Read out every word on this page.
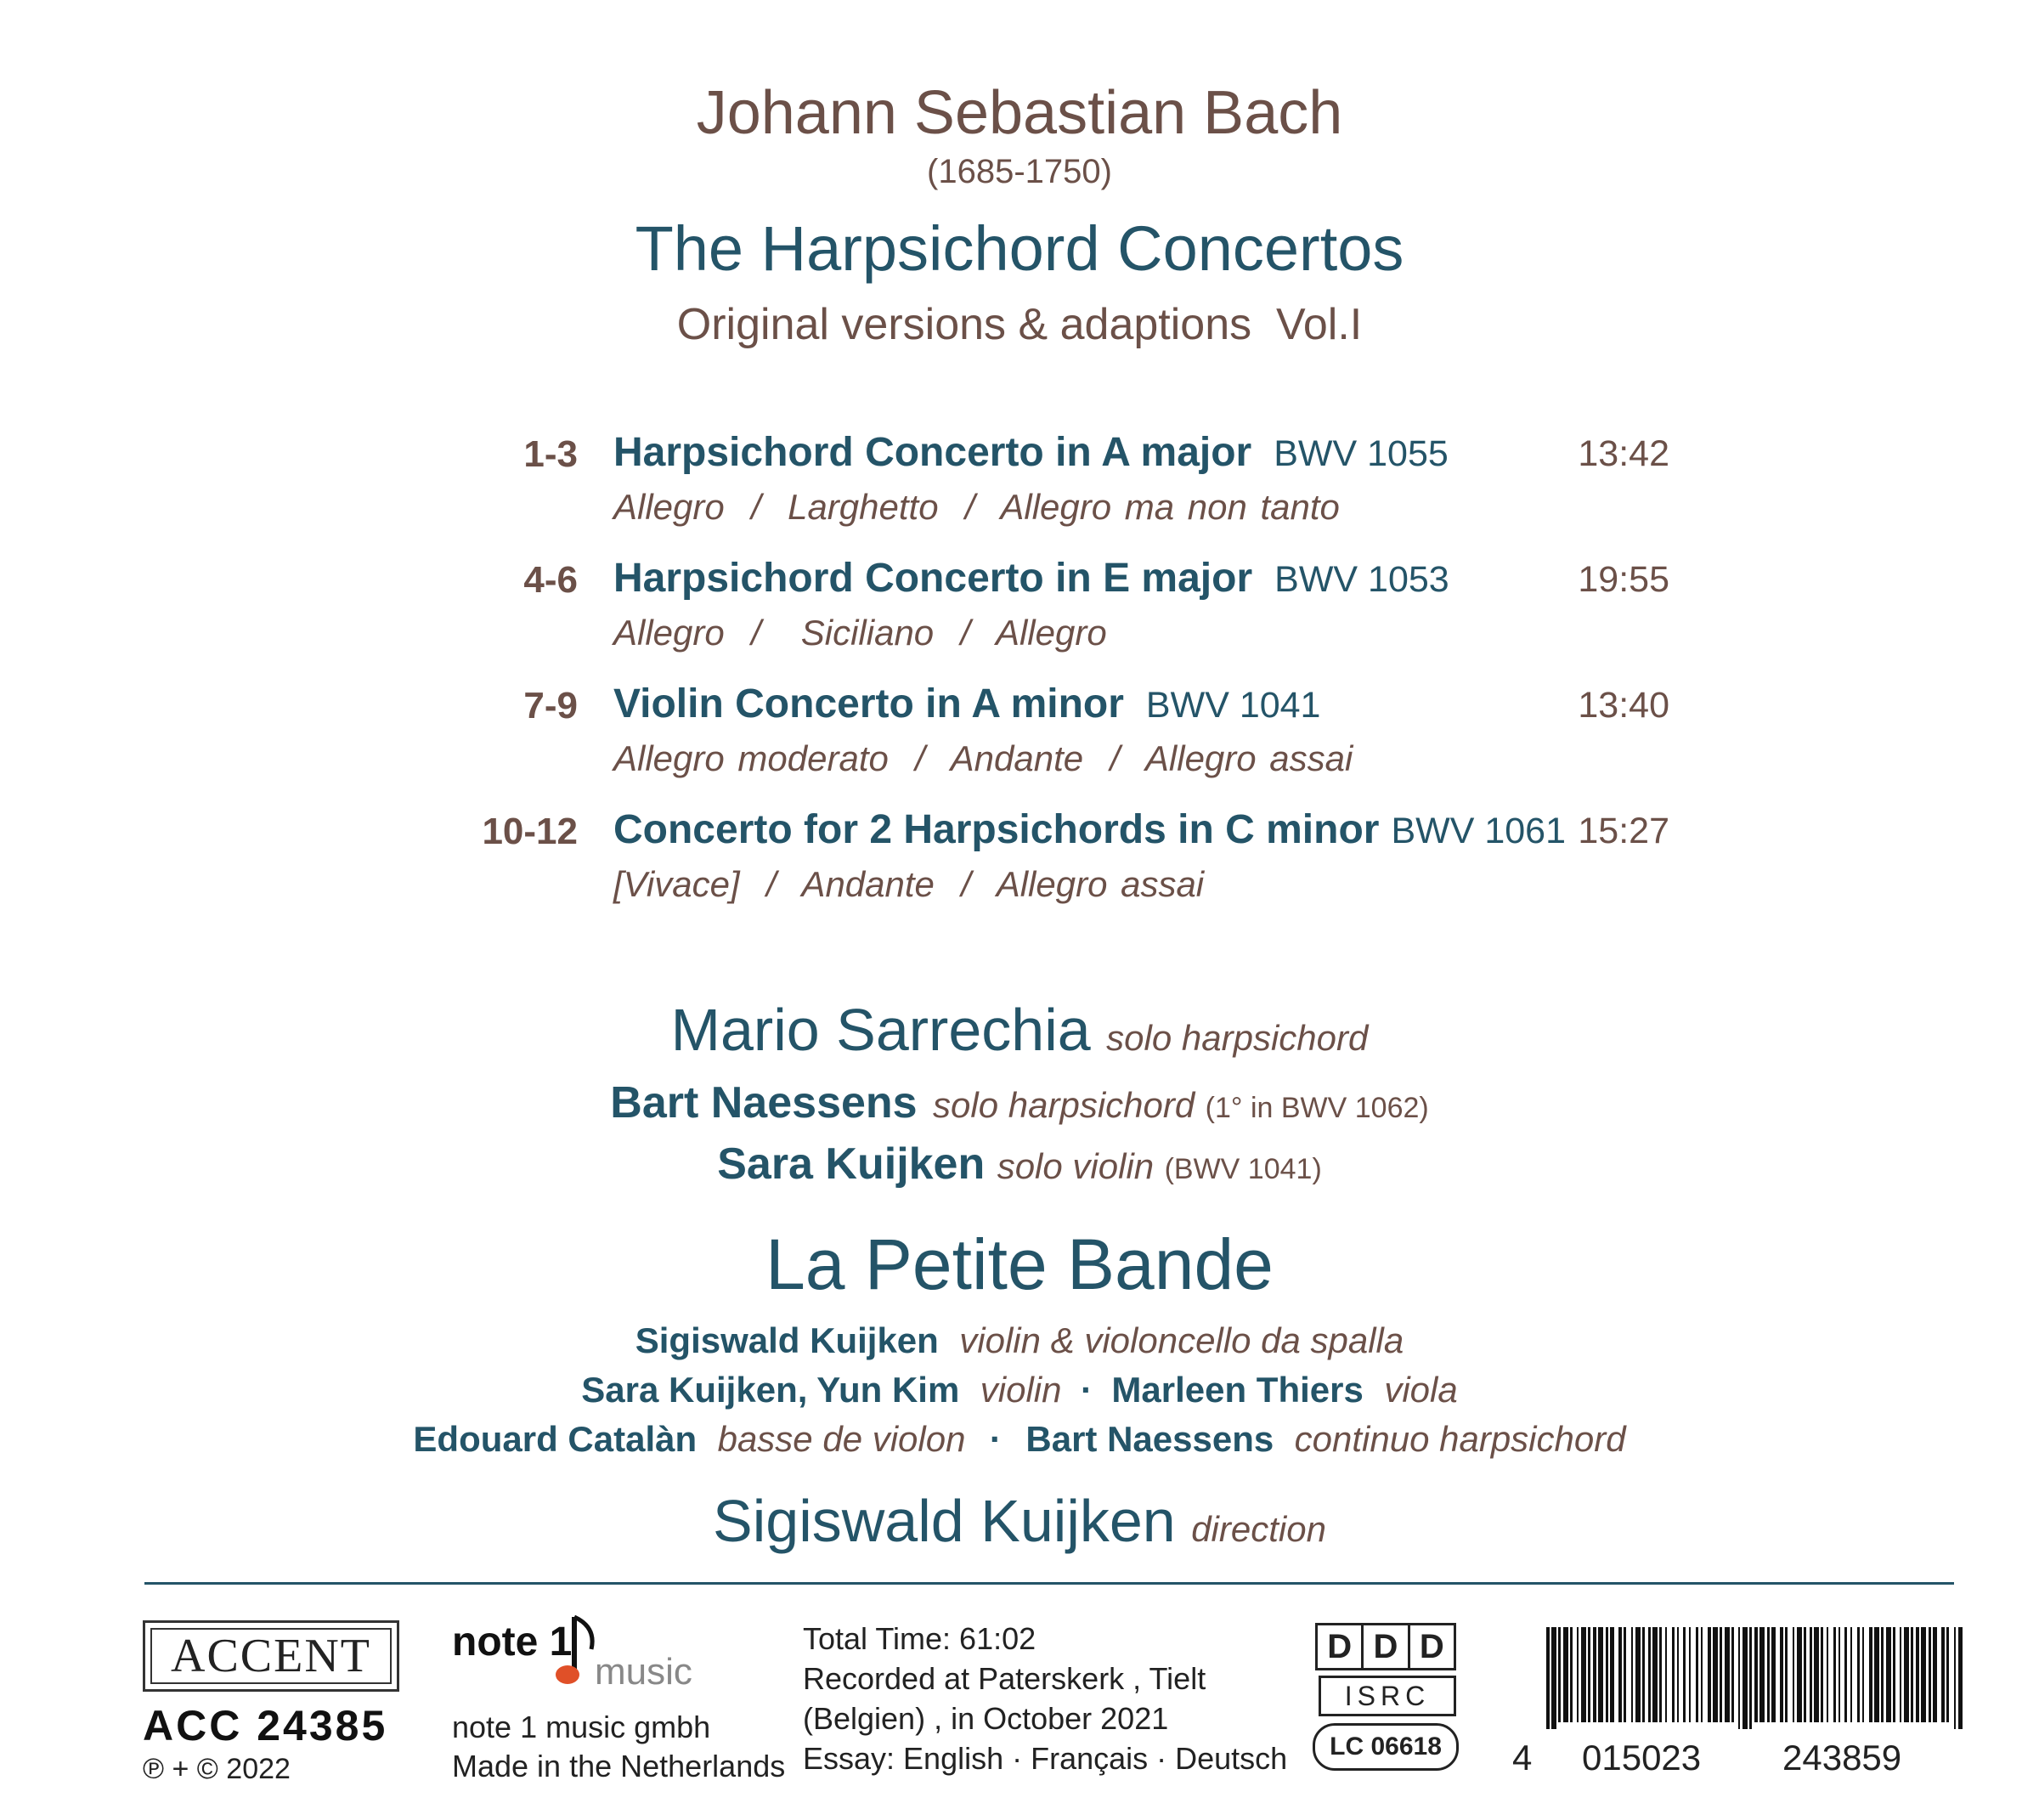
Johann Sebastian Bach
(1685-1750)
The Harpsichord Concertos
Original versions & adaptions  Vol.I
1-3 Harpsichord Concerto in A major BWV 1055	13:42
Allegro  /  Larghetto  /  Allegro ma non tanto
4-6 Harpsichord Concerto in E major BWV 1053	19:55
Allegro  /   Siciliano  /  Allegro
7-9 Violin Concerto in A minor BWV 1041	13:40
Allegro moderato  /  Andante  /  Allegro assai
10-12 Concerto for 2 Harpsichords in C minor BWV 1061 15:27
[Vivace]  /  Andante  /  Allegro assai
Mario Sarrechia solo harpsichord
Bart Naessens solo harpsichord (1° in BWV 1062)
Sara Kuijken solo violin (BWV 1041)
La Petite Bande
Sigiswald Kuijken violin & violoncello da spalla
Sara Kuijken, Yun Kim violin · Marleen Thiers viola
Edouard Catalàn basse de violon · Bart Naessens continuo harpsichord
Sigiswald Kuijken direction
ACCENT
ACC 24385
℗ + © 2022
note 1
music
note 1 music gmbh
Made in the Netherlands
Total Time: 61:02
Recorded at Paterskerk , Tielt
(Belgien) , in October 2021
Essay: English · Français · Deutsch
D D D
ISRC
LC 06618	4 015023 243859
